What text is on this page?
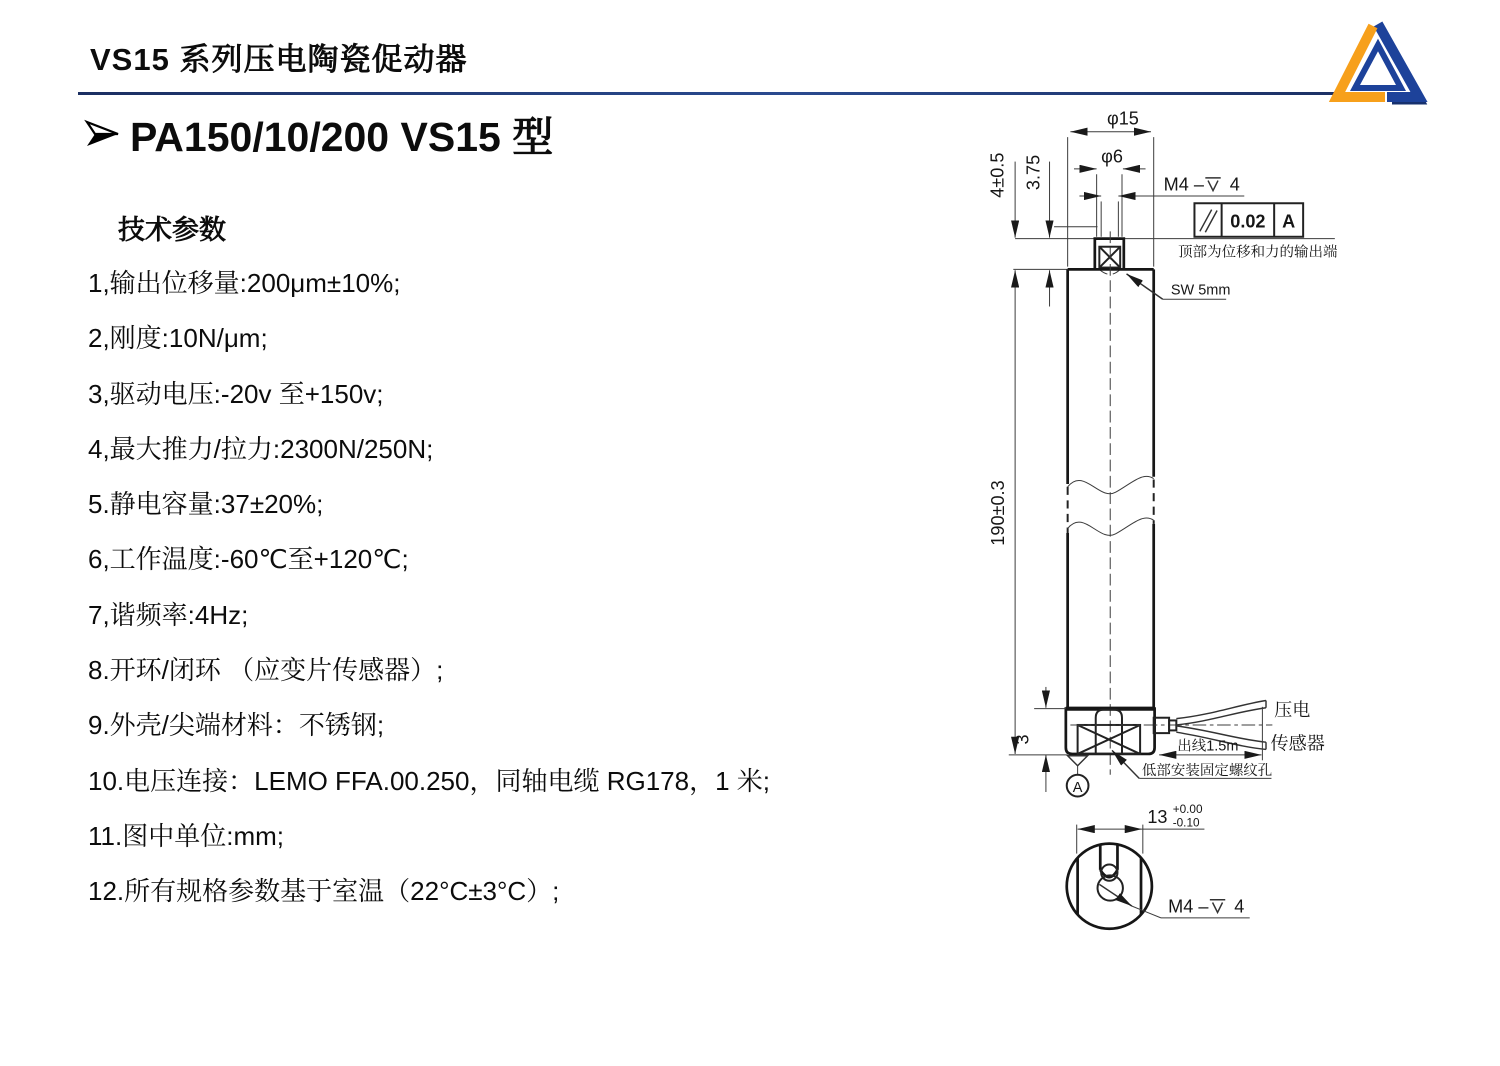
VS15 系列压电陶瓷促动器
PA150/10/200 VS15 型
技术参数
1,输出位移量:200μm±10%;
2,刚度:10N/μm;
3,驱动电压:-20v 至+150v;
4,最大推力/拉力:2300N/250N;
5.静电容量:37±20%;
6,工作温度:-60℃至+120℃;
7,谐频率:4Hz;
8.开环/闭环 （应变片传感器）;
9.外壳/尖端材料：不锈钢;
10.电压连接：LEMO FFA.00.250，同轴电缆 RG178，1 米;
11.图中单位:mm;
12.所有规格参数基于室温（22°C±3°C）;
φ15
φ6
M4 – 4
0.02 A
顶部为位移和力的输出端
4±0.5 3.75
190±0.3
SW 5mm
3
A
压电
传感器
出线1.5m
低部安装固定螺纹孔
13 +0.00
-0.10
M4 – 4
